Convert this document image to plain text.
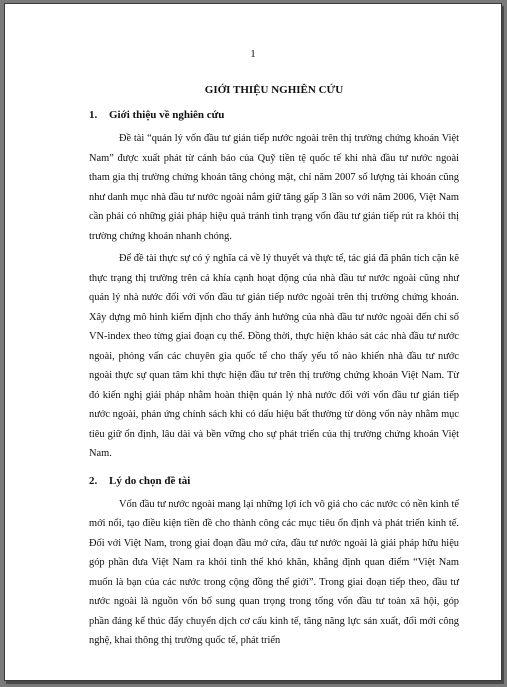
1
GIỚI THIỆU NGHIÊN CỨU
1. Giới thiệu về nghiên cứu

Đề tài “quản lý vốn đầu tư gián tiếp nước ngoài trên thị trường chứng khoán Việt Nam” được xuất phát từ cảnh báo của Quỹ tiền tệ quốc tế khi nhà đầu tư nước ngoài tham gia thị trường chứng khoán tăng chóng mặt, chỉ năm 2007 số lượng tài khoản cũng như danh mục nhà đầu tư nước ngoài nắm giữ tăng gấp 3 lần so với năm 2006, Việt Nam cần phải có những giải pháp hiệu quả tránh tình trạng vốn đầu tư gián tiếp rút ra khỏi thị trường chứng khoán nhanh chóng.

Để đề tài thực sự có ý nghĩa cả về lý thuyết và thực tế, tác giả đã phân tích cặn kẽ thực trạng thị trường trên cả khía cạnh hoạt động của nhà đầu tư nước ngoài cũng như quản lý nhà nước đối với vốn đầu tư gián tiếp nước ngoài trên thị trường chứng khoán. Xây dựng mô hình kiểm định cho thấy ảnh hưởng của nhà đầu tư nước ngoài đến chỉ số VN-index theo từng giai đoạn cụ thể. Đồng thời, thực hiện khảo sát các nhà đầu tư nước ngoài, phỏng vấn các chuyên gia quốc tế cho thấy yếu tố nào khiến nhà đầu tư nước ngoài thực sự quan tâm khi thực hiện đầu tư trên thị trường chứng khoán Việt Nam. Từ đó kiến nghị giải pháp nhằm hoàn thiện quản lý nhà nước đối với vốn đầu tư gián tiếp nước ngoài, phản ứng chính sách khi có dấu hiệu bất thường từ dòng vốn này nhằm mục tiêu giữ ổn định, lâu dài và bền vững cho sự phát triển của thị trường chứng khoán Việt Nam.

2. Lý do chọn đề tài

Vốn đầu tư nước ngoài mang lại những lợi ích vô giá cho các nước có nền kinh tế mới nổi, tạo điều kiện tiền đề cho thành công các mục tiêu ổn định và phát triển kinh tế. Đối với Việt Nam, trong giai đoạn đầu mở cửa, đầu tư nước ngoài là giải pháp hữu hiệu góp phần đưa Việt Nam ra khỏi tình thế khó khăn, khẳng định quan điểm “Việt Nam muốn là bạn của các nước trong cộng đồng thế giới”. Trong giai đoạn tiếp theo, đầu tư nước ngoài là nguồn vốn bổ sung quan trọng trong tổng vốn đầu tư toàn xã hội, góp phần đáng kể thúc đẩy chuyển dịch cơ cấu kinh tế, tăng năng lực sản xuất, đổi mới công nghệ, khai thông thị trường quốc tế, phát triển
